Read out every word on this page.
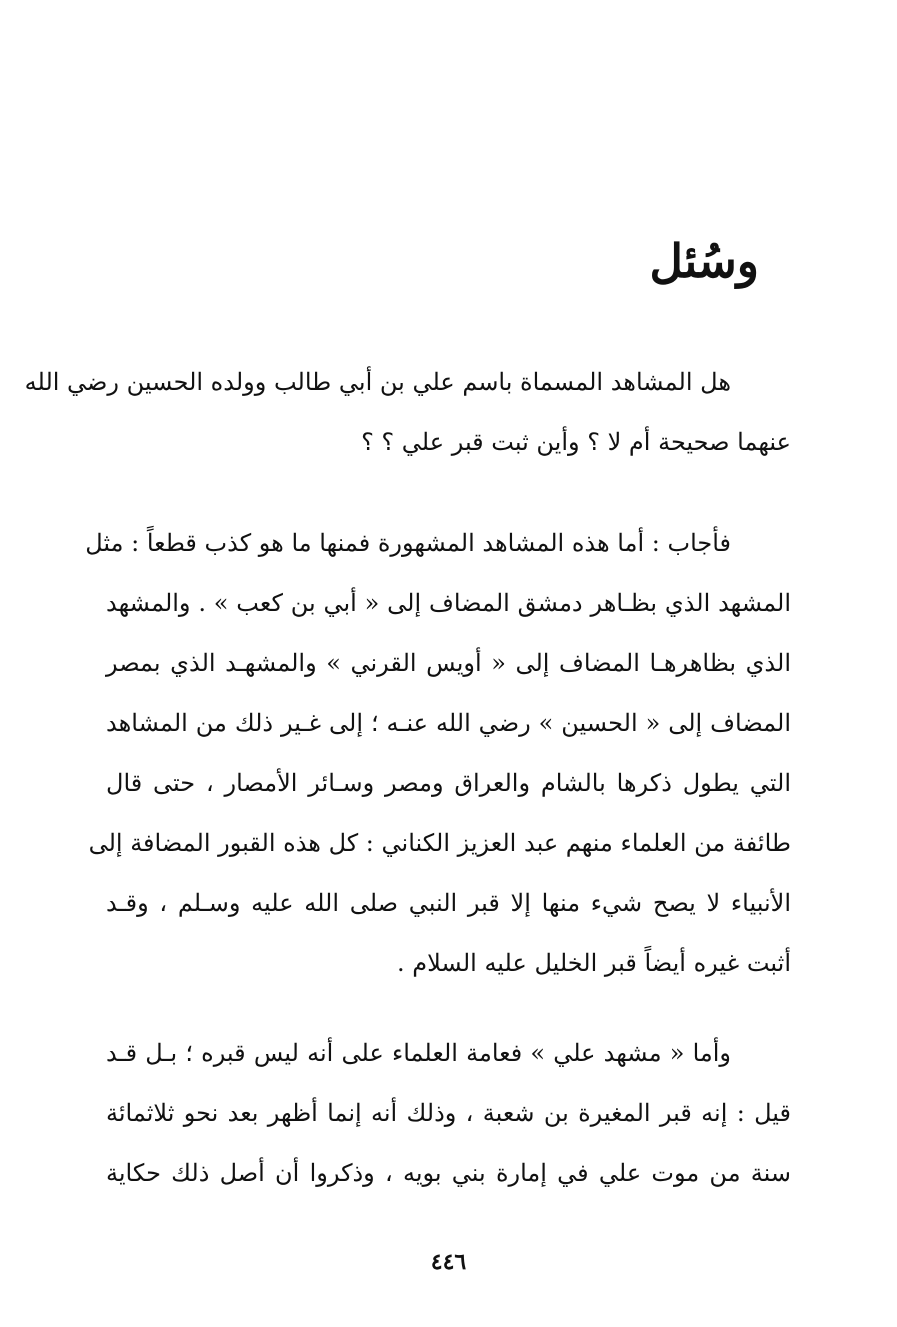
وسُئل
هل المشاهد المسماة باسم علي بن أبي طالب وولده الحسين رضي الله
عنهما صحيحة أم لا ؟ وأين ثبت قبر علي ؟ ؟
فأجاب : أما هذه المشاهد المشهورة فمنها ما هو كذب قطعاً : مثل
المشهد الذي بظـاهر دمشق المضاف إلى « أبي بن كعب » . والمشهد
الذي بظاهرهـا المضاف إلى « أويس القرني » والمشهـد الذي بمصر
المضاف إلى « الحسين » رضي الله عنـه ؛ إلى غـير ذلك من المشاهد
التي يطول ذكرها بالشام والعراق ومصر وسـائر الأمصار ، حتى قال
طائفة من العلماء منهم عبد العزيز الكناني : كل هذه القبور المضافة إلى
الأنبياء لا يصح شيء منها إلا قبر النبي صلى الله عليه وسـلم ، وقـد
أثبت غيره أيضاً قبر الخليل عليه السلام .
وأما « مشهد علي » فعامة العلماء على أنه ليس قبره ؛ بـل قـد
قيل : إنه قبر المغيرة بن شعبة ، وذلك أنه إنما أظهر بعد نحو ثلاثمائة
سنة من موت علي في إمارة بني بويه ، وذكروا أن أصل ذلك حكاية
٤٤٦
